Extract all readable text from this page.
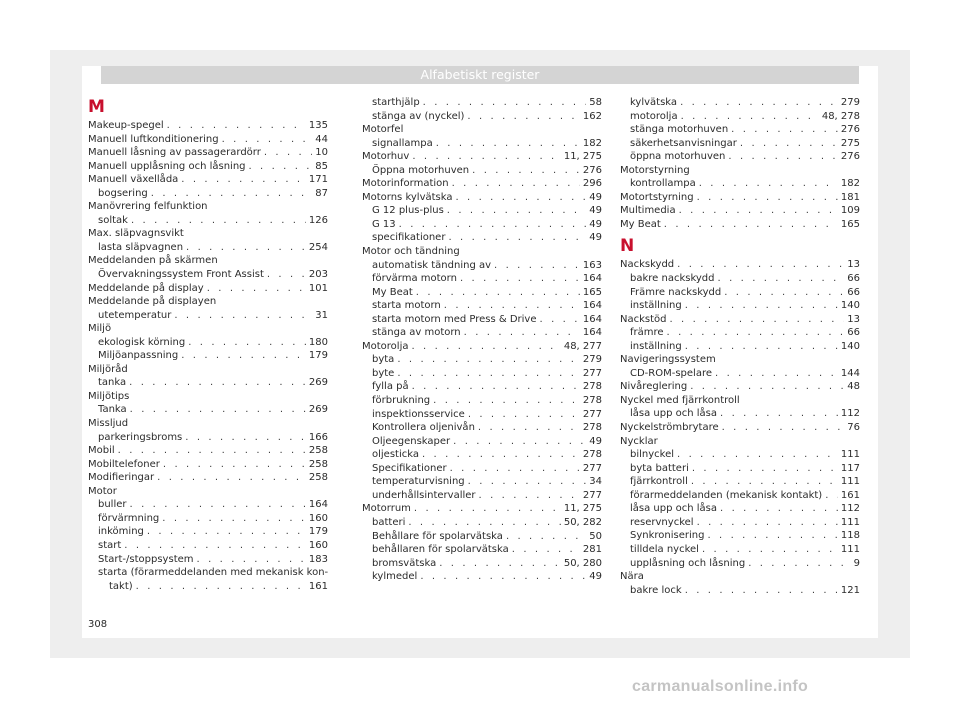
Alfabetiskt register
M
Makeup-spegel . . .	135
Manuell luftkonditionering . . .	44
Manuell låsning av passagerardörr . . .	10
Manuell upplåsning och låsning . . .	85
Manuell växellåda . . .	171
bogsering . . .	87
Manövrering felfunktion
soltak . . .	126
Max. släpvagnsvikt
lasta släpvagnen . . .	254
Meddelanden på skärmen
Övervakningssystem Front Assist . . .	203
Meddelande på display . . .	101
Meddelande på displayen
utetemperatur . . .	31
Miljö
ekologisk körning . . .	180
Miljöanpassning . . .	179
Miljöråd
tanka . . .	269
Miljötips
Tanka . . .	269
Missljud
parkeringsbroms . . .	166
Mobil . . .	258
Mobiltelefoner . . .	258
Modifieringar . . .	258
Motor
buller . . .	164
förvärmning . . .	160
inköming . . .	179
start . . .	160
Start-/stoppsystem . . .	183
starta (förarmeddelanden med mekanisk kon-
takt) . . .	161
starthjälp . . .	58
stänga av (nyckel) . . .	162
Motorfel
signallampa . . .	182
Motorhuv . . .	11, 275
Öppna motorhuven . . .	276
Motorinformation . . .	296
Motorns kylvätska . . .	49
G 12 plus-plus . . .	49
G 13 . . .	49
specifikationer . . .	49
Motor och tändning
automatisk tändning av . . .	163
förvärma motorn . . .	164
My Beat . . .	165
starta motorn . . .	164
starta motorn med Press & Drive . . .	164
stänga av motorn . . .	164
Motorolja . . .	48, 277
byta . . .	279
byte . . .	277
fylla på . . .	278
förbrukning . . .	278
inspektionsservice . . .	277
Kontrollera oljenivån . . .	278
Oljeegenskaper . . .	49
oljesticka . . .	278
Specifikationer . . .	277
temperaturvisning . . .	34
underhållsintervaller . . .	277
Motorrum . . .	11, 275
batteri . . .	50, 282
Behållare för spolarvätska . . .	50
behållaren för spolarvätska . . .	281
bromsvätska . . .	50, 280
kylmedel . . .	49
kylvätska . . .	279
motorolja . . .	48, 278
stänga motorhuven . . .	276
säkerhetsanvisningar . . .	275
öppna motorhuven . . .	276
Motorstyrning
kontrollampa . . .	182
Motortstyrning . . .	181
Multimedia . . .	109
My Beat . . .	165
N
Nackskydd . . .	13
bakre nackskydd . . .	66
Främre nackskydd . . .	66
inställning . . .	140
Nackstöd . . .	13
främre . . .	66
inställning . . .	140
Navigeringssystem
CD-ROM-spelare . . .	144
Nivåreglering . . .	48
Nyckel med fjärrkontroll
låsa upp och låsa . . .	112
Nyckelströmbrytare . . .	76
Nycklar
bilnyckel . . .	111
byta batteri . . .	117
fjärrkontroll . . .	111
förarmeddelanden (mekanisk kontakt) . . . 161
låsa upp och låsa . . .	112
reservnyckel . . .	111
Synkronisering . . .	118
tilldela nyckel . . .	111
upplåsning och låsning . . .	9
Nära
bakre lock . . .	121
308
carmanualsonline.info
